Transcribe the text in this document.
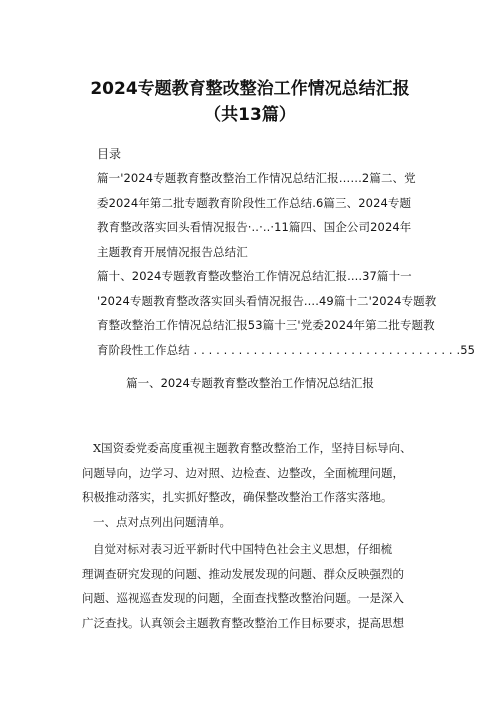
2024专题教育整改整治工作情况总结汇报
（共13篇）
目录
篇一'2024专题教育整改整治工作情况总结汇报……2篇二、党
委2024年第二批专题教育阶段性工作总结.6篇三、2024专题
教育整改落实回头看情况报告·..·..·11篇四、国企公司2024年
主题教育开展情况报告总结汇
篇十、2024专题教育整改整治工作情况总结汇报....37篇十一
'2024专题教育整改落实回头看情况报告....49篇十二'2024专题教
育整改整治工作情况总结汇报53篇十三'党委2024年第二批专题教
育阶段性工作总结 . . . . . . . . . . . . . . . . . . . . . . . . . . . . . . . . . . . .55
篇一、2024专题教育整改整治工作情况总结汇报
X国资委党委高度重视主题教育整改整治工作，坚持目标导向、
问题导向，边学习、边对照、边检查、边整改，全面梳理问题，
积极推动落实，扎实抓好整改，确保整改整治工作落实落地。
一、点对点列出问题清单。
自觉对标对表习近平新时代中国特色社会主义思想，仔细梳
理调查研究发现的问题、推动发展发现的问题、群众反映强烈的
问题、巡视巡查发现的问题，全面查找整改整治问题。一是深入
广泛查找。认真领会主题教育整改整治工作目标要求，提高思想
